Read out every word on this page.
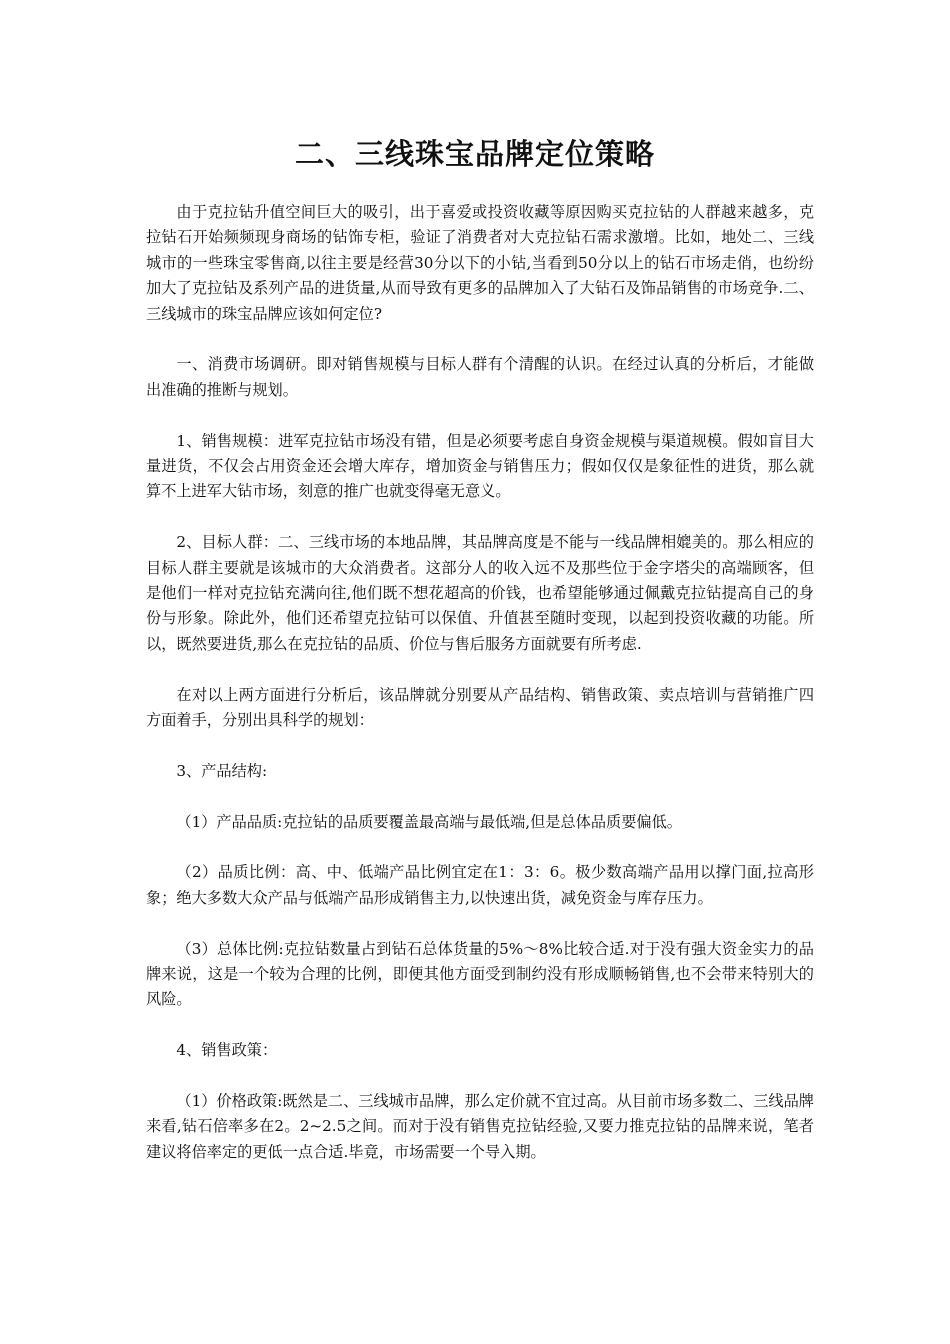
二、三线珠宝品牌定位策略

由于克拉钻升值空间巨大的吸引，出于喜爱或投资收藏等原因购买克拉钻的人群越来越多，克拉钻石开始频频现身商场的钻饰专柜，验证了消费者对大克拉钻石需求激增。比如，地处二、三线城市的一些珠宝零售商,以往主要是经营30分以下的小钻,当看到50分以上的钻石市场走俏，也纷纷加大了克拉钻及系列产品的进货量,从而导致有更多的品牌加入了大钻石及饰品销售的市场竞争.二、三线城市的珠宝品牌应该如何定位?

一、消费市场调研。即对销售规模与目标人群有个清醒的认识。在经过认真的分析后，才能做出准确的推断与规划。

1、销售规模：进军克拉钻市场没有错，但是必须要考虑自身资金规模与渠道规模。假如盲目大量进货，不仅会占用资金还会增大库存，增加资金与销售压力；假如仅仅是象征性的进货，那么就算不上进军大钻市场，刻意的推广也就变得毫无意义。

2、目标人群：二、三线市场的本地品牌，其品牌高度是不能与一线品牌相媲美的。那么相应的目标人群主要就是该城市的大众消费者。这部分人的收入远不及那些位于金字塔尖的高端顾客，但是他们一样对克拉钻充满向往,他们既不想花超高的价钱，也希望能够通过佩戴克拉钻提高自己的身份与形象。除此外，他们还希望克拉钻可以保值、升值甚至随时变现，以起到投资收藏的功能。所以，既然要进货,那么在克拉钻的品质、价位与售后服务方面就要有所考虑.

在对以上两方面进行分析后，该品牌就分别要从产品结构、销售政策、卖点培训与营销推广四方面着手，分别出具科学的规划：

3、产品结构:

（1）产品品质:克拉钻的品质要覆盖最高端与最低端,但是总体品质要偏低。

（2）品质比例：高、中、低端产品比例宜定在1：3：6。极少数高端产品用以撑门面,拉高形象；绝大多数大众产品与低端产品形成销售主力,以快速出货，减免资金与库存压力。

（3）总体比例:克拉钻数量占到钻石总体货量的5%～8%比较合适.对于没有强大资金实力的品牌来说，这是一个较为合理的比例，即便其他方面受到制约没有形成顺畅销售,也不会带来特别大的风险。

4、销售政策：

（1）价格政策:既然是二、三线城市品牌，那么定价就不宜过高。从目前市场多数二、三线品牌来看,钻石倍率多在2。2~2.5之间。而对于没有销售克拉钻经验,又要力推克拉钻的品牌来说，笔者建议将倍率定的更低一点合适.毕竟，市场需要一个导入期。
